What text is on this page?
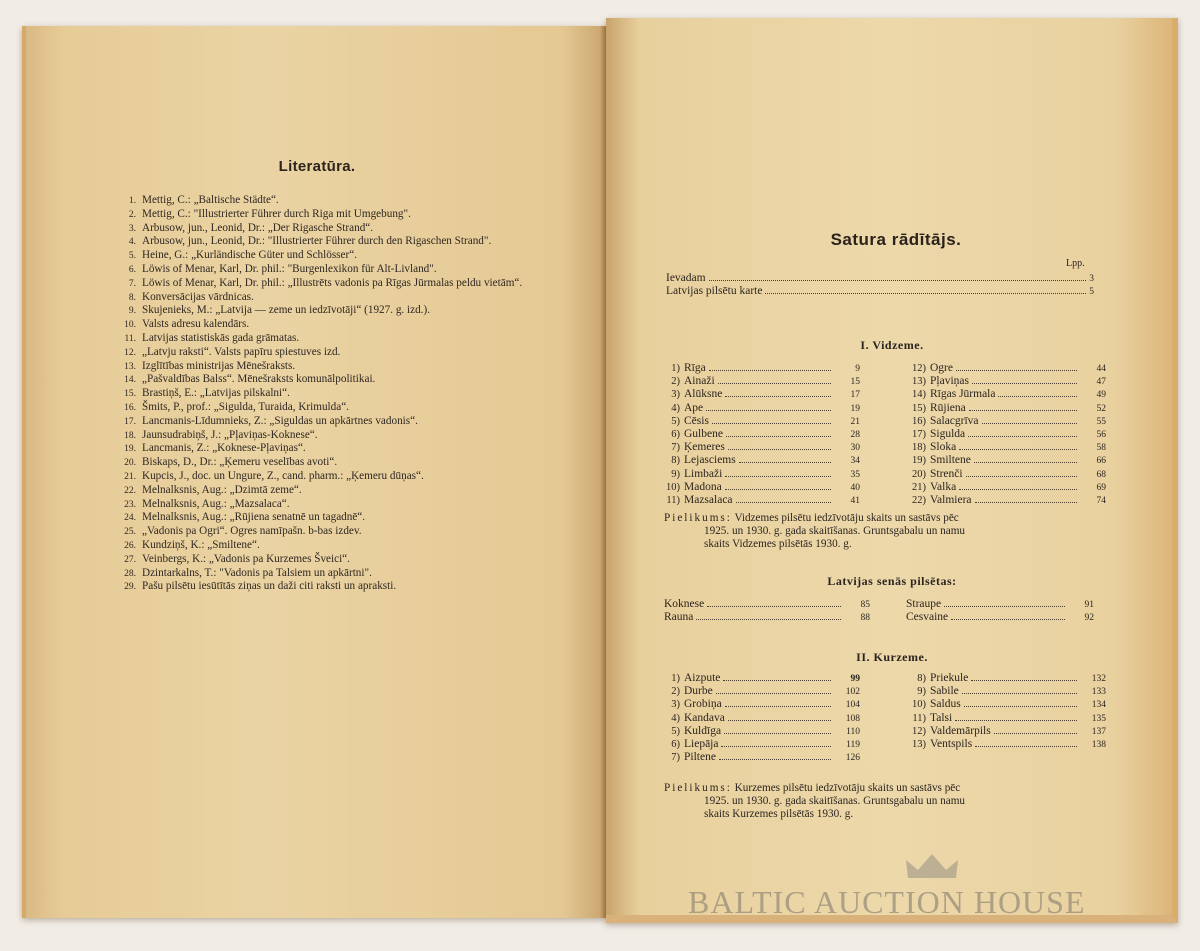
Literatūra.
1. Mettig, C.: „Baltische Städte“.
2. Mettig, C.: "Illustrierter Führer durch Riga mit Umgebung".
3. Arbusow, jun., Leonid, Dr.: „Der Rigasche Strand“.
4. Arbusow, jun., Leonid, Dr.: "Illustrierter Führer durch den Rigaschen Strand".
5. Heine, G.: „Kurländische Güter und Schlösser“.
6. Löwis of Menar, Karl, Dr. phil.: "Burgenlexikon für Alt-Livland".
7. Löwis of Menar, Karl, Dr. phil.: „Illustrēts vadonis pa Rīgas Jūrmalas peldu vietām“.
8. Konversācijas vārdnicas.
9. Skujenieks, M.: „Latvija — zeme un iedzīvotāji“ (1927. g. izd.).
10. Valsts adresu kalendārs.
11. Latvijas statistiskās gada grāmatas.
12. „Latvju raksti“. Valsts papīru spiestuves izd.
13. Izglītības ministrijas Mēnešraksts.
14. „Pašvaldības Balss“. Mēnešraksts komunālpolitikai.
15. Brastiņš, E.: „Latvijas pilskalni“.
16. Šmits, P., prof.: „Sigulda, Turaida, Krimulda“.
17. Lancmanis-Līdumnieks, Z.: „Siguldas un apkārtnes vadonis“.
18. Jaunsudrabiņš, J.: „Pļaviņas-Koknese“.
19. Lancmanis, Z.: „Koknese-Pļaviņas“.
20. Biskaps, D., Dr.: „Ķemeru veselības avoti“.
21. Kupcis, J., doc. un Ungure, Z., cand. pharm.: „Ķemeru dūņas“.
22. Melnalksnis, Aug.: „Dzimtā zeme“.
23. Melnalksnis, Aug.: „Mazsalaca“.
24. Melnalksnis, Aug.: „Rūjiena senatnē un tagadnē“.
25. „Vadonis pa Ogri“. Ogres namīpašn. b-bas izdev.
26. Kundziņš, K.: „Smiltene“.
27. Veinbergs, K.: „Vadonis pa Kurzemes Šveici“.
28. Dzintarkalns, T.: "Vadonis pa Talsiem un apkārtni".
29. Pašu pilsētu iesūtītās ziņas un daži citi raksti un apraksti.
Satura rādītājs.
Lpp.
Ievadam	3
Latvijas pilsētu karte	5
I. Vidzeme.
1) Rīga	9
2) Ainaži	15
3) Alūksne	17
4) Ape	19
5) Cēsis	21
6) Gulbene	28
7) Ķemeres	30
8) Lejasciems	34
9) Limbaži	35
10) Madona	40
11) Mazsalaca	41
12) Ogre	44
13) Pļaviņas	47
14) Rīgas Jūrmala	49
15) Rūjiena	52
16) Salacgrīva	55
17) Sigulda	56
18) Sloka	58
19) Smiltene	66
20) Strenči	68
21) Valka	69
22) Valmiera	74
Pielikums: Vidzemes pilsētu iedzīvotāju skaits un sastāvs pēc
1925. un 1930. g. gada skaitīšanas. Gruntsgabalu un namu
skaits Vidzemes pilsētās 1930. g.
Latvijas senās pilsētas:
Koknese	85
Rauna	88
Straupe	91
Cesvaine	92
II. Kurzeme.
1) Aizpute	99
2) Durbe	102
3) Grobiņa	104
4) Kandava	108
5) Kuldīga	110
6) Liepāja	119
7) Piltene	126
8) Priekule	132
9) Sabile	133
10) Saldus	134
11) Talsi	135
12) Valdemārpils	137
13) Ventspils	138
Pielikums: Kurzemes pilsētu iedzīvotāju skaits un sastāvs pēc
1925. un 1930. g. gada skaitīšanas. Gruntsgabalu un namu
skaits Kurzemes pilsētās 1930. g.
BALTIC AUCTION HOUSE
